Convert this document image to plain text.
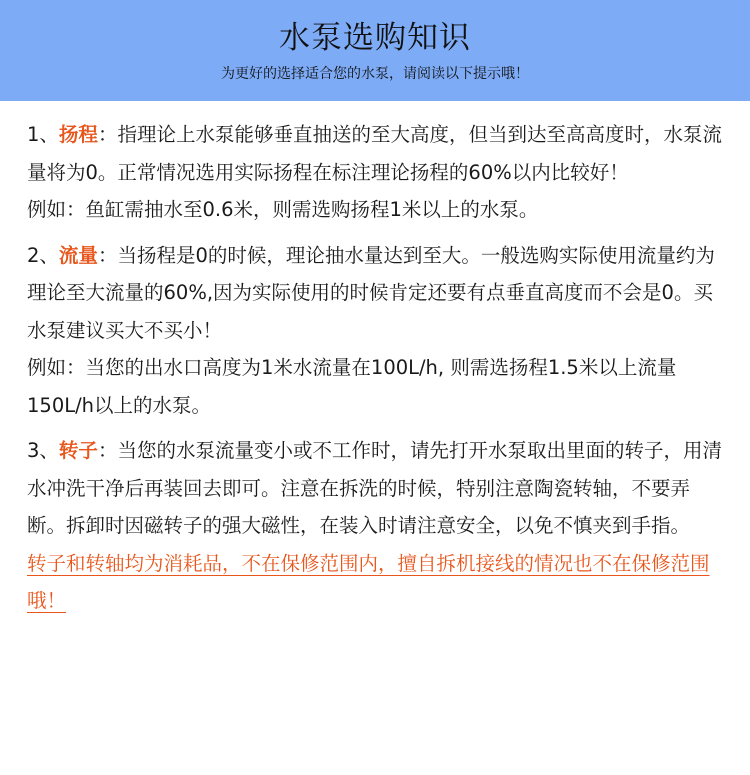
水泵选购知识
为更好的选择适合您的水泵，请阅读以下提示哦！

1、扬程：指理论上水泵能够垂直抽送的至大高度，但当到达至高高度时，水泵流量将为0。正常情况选用实际扬程在标注理论扬程的60%以内比较好！

例如：鱼缸需抽水至0.6米，则需选购扬程1米以上的水泵。

2、流量：当扬程是0的时候，理论抽水量达到至大。一般选购实际使用流量约为理论至大流量的60%,因为实际使用的时候肯定还要有点垂直高度而不会是0。买水泵建议买大不买小！

例如：当您的出水口高度为1米水流量在100L/h, 则需选扬程1.5米以上流量150L/h以上的水泵。

3、转子：当您的水泵流量变小或不工作时，请先打开水泵取出里面的转子，用清水冲洗干净后再装回去即可。注意在拆洗的时候，特别注意陶瓷转轴，不要弄断。拆卸时因磁转子的强大磁性，在装入时请注意安全，以免不慎夹到手指。

转子和转轴均为消耗品，不在保修范围内，擅自拆机接线的情况也不在保修范围哦！
